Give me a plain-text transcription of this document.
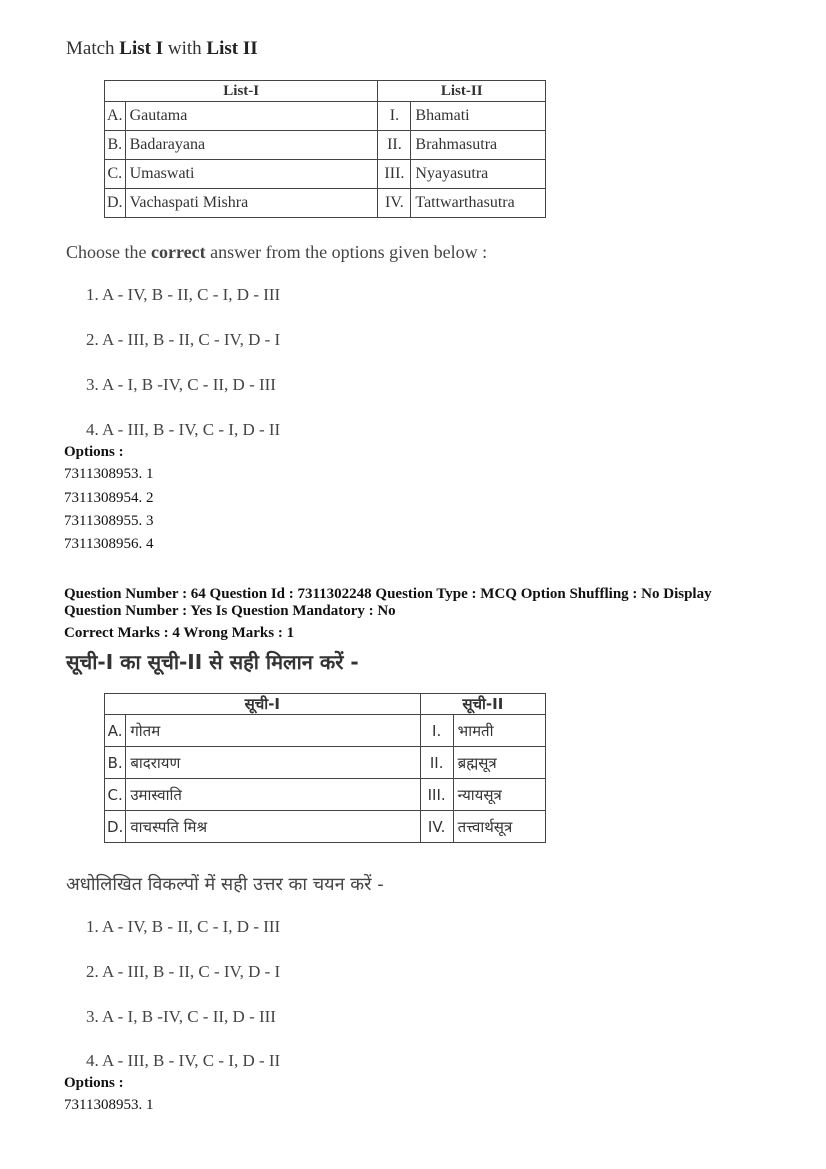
Match List I with List II
List-I		List-II	
A.	Gautama	I.	Bhamati
B.	Badarayana	II.	Brahmasutra
C.	Umaswati	III.	Nyayasutra
D.	Vachaspati Mishra	IV.	Tattwarthasutra
Choose the correct answer from the options given below :
1. A - IV, B - II, C - I, D - III
2. A - III, B - II, C - IV, D - I
3. A - I, B -IV, C - II, D - III
4. A - III, B - IV, C - I, D - II
Options :
7311308953. 1
7311308954. 2
7311308955. 3
7311308956. 4
Question Number : 64 Question Id : 7311302248 Question Type : MCQ Option Shuffling : No Display
Question Number : Yes Is Question Mandatory : No
Correct Marks : 4 Wrong Marks : 1
सूची-I का सूची-II से सही मिलान करें -
सूची-I		सूची-II	
A.	गोतम	I.	भामती
B.	बादरायण	II.	ब्रह्मसूत्र
C.	उमास्वाति	III.	न्यायसूत्र
D.	वाचस्पति मिश्र	IV.	तत्त्वार्थसूत्र
अधोलिखित विकल्पों में सही उत्तर का चयन करें -
1. A - IV, B - II, C - I, D - III
2. A - III, B - II, C - IV, D - I
3. A - I, B -IV, C - II, D - III
4. A - III, B - IV, C - I, D - II
Options :
7311308953. 1
